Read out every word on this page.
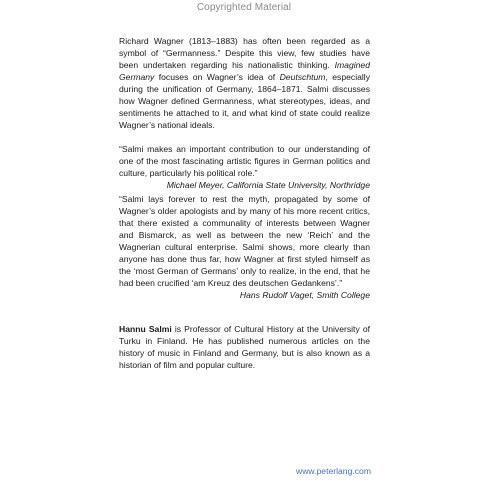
Copyrighted Material

Richard Wagner (1813–1883) has often been regarded as a symbol of “Germanness.” Despite this view, few studies have been undertaken regarding his nationalistic thinking. Imagined Germany focuses on Wagner’s idea of Deutschtum, especially during the unification of Germany, 1864–1871. Salmi discusses how Wagner defined Germanness, what stereotypes, ideas, and sentiments he attached to it, and what kind of state could realize Wagner’s national ideals.

“Salmi makes an important contribution to our understanding of one of the most fascinating artistic figures in German politics and culture, particularly his political role.”
Michael Meyer, California State University, Northridge
“Salmi lays forever to rest the myth, propagated by some of Wagner’s older apologists and by many of his more recent critics, that there existed a communality of interests between Wagner and Bismarck, as well as between the new ‘Reich’ and the Wagnerian cultural enterprise. Salmi shows, more clearly than anyone has done thus far, how Wagner at first styled himself as the ‘most German of Germans’ only to realize, in the end, that he had been crucified ‘am Kreuz des deutschen Gedankens’.”
Hans Rudolf Vaget, Smith College

Hannu Salmi is Professor of Cultural History at the University of Turku in Finland. He has published numerous articles on the history of music in Finland and Germany, but is also known as a historian of film and popular culture.

www.peterlang.com
